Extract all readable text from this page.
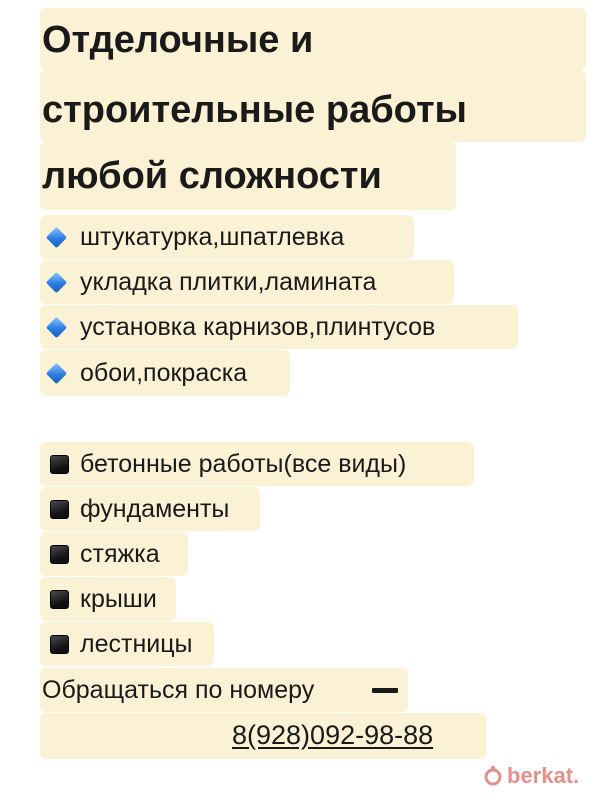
Отделочные и
строительные работы
любой сложности
штукатурка,шпатлевка
укладка плитки,ламината
установка карнизов,плинтусов
обои,покраска
бетонные работы(все виды)
фундаменты
стяжка
крыши
лестницы
Обращаться по номеру
8(928)092-98-88
berkat.
